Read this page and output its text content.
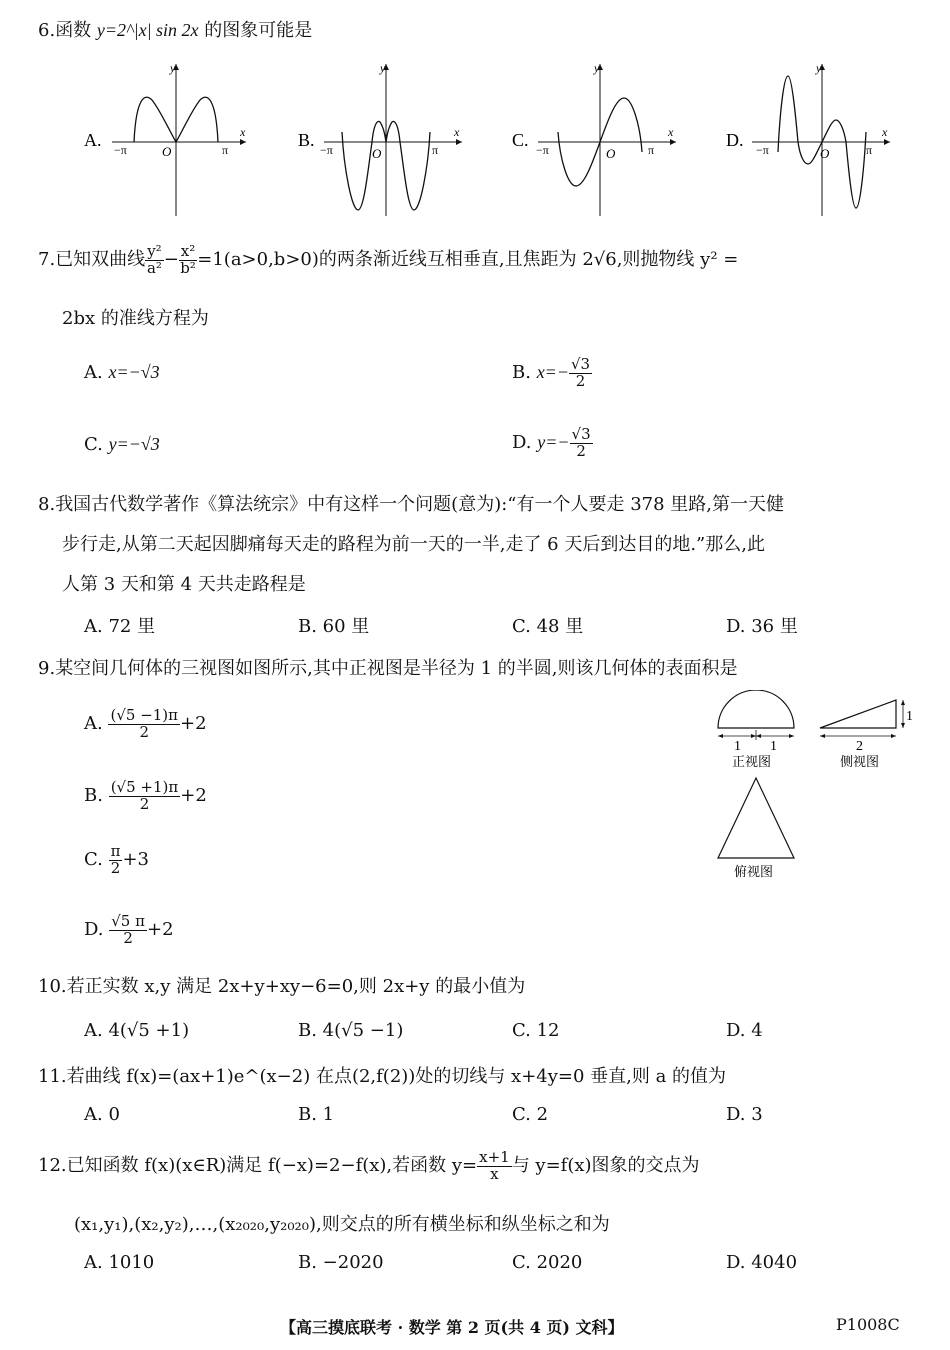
6.函数 y=2^|x| sin 2x 的图象可能是
A.
y
x
O
−π	π	B.
y
x
O
−π	π	C.
y
x
O
−π	π	D.
y
x
O
−π	π
7.已知双曲线 $\frac{\text{y²}}{\text{a²}} - \frac{\text{x²}}{\text{b²}} =1(a>0,b>0)$的两条渐近线互相垂直,且焦距为 2√6,则抛物线 y² =
2bx 的准线方程为
A. x=−√3	B. $x=- \frac{√3}{2}$
C. y=−√3	D. $y=- \frac{√3}{2}$
8.我国古代数学著作《算法统宗》中有这样一个问题(意为):“有一个人要走 378 里路,第一天健
步行走,从第二天起因脚痛每天走的路程为前一天的一半,走了 6 天后到达目的地.”那么,此
人第 3 天和第 4 天共走路程是
A. 72 里	B. 60 里	C. 48 里	D. 36 里
9.某空间几何体的三视图如图所示,其中正视图是半径为 1 的半圆,则该几何体的表面积是
A. $\frac{(√5 -1)\pi}{2} +2$
B. $\frac{(√5 +1)\pi}{2} +2$
C. $\frac{\pi}{2} +3$
D. $\frac{√5 \pi}{2} +2$
1 1
正视图
2
1
侧视图
俯视图
10.若正实数 x,y 满足 2x+y+xy−6=0,则 2x+y 的最小值为
A. 4(√5 +1)	B. 4(√5 −1)	C. 12	D. 4
11.若曲线 f(x)=(ax+1)e^(x−2) 在点(2,f(2))处的切线与 x+4y=0 垂直,则 a 的值为
A. 0	B. 1	C. 2	D. 3
12.已知函数 f(x)(x∈R)满足 f(−x)=2−f(x),若函数 $y= \frac{x+1}{x}$ 与 y=f(x)图象的交点为
(x₁,y₁),(x₂,y₂),…,(x₂₀₂₀,y₂₀₂₀),则交点的所有横坐标和纵坐标之和为
A. 1010	B. −2020	C. 2020	D. 4040
【高三摸底联考 · 数学 第 2 页(共 4 页) 文科】	P1008C
